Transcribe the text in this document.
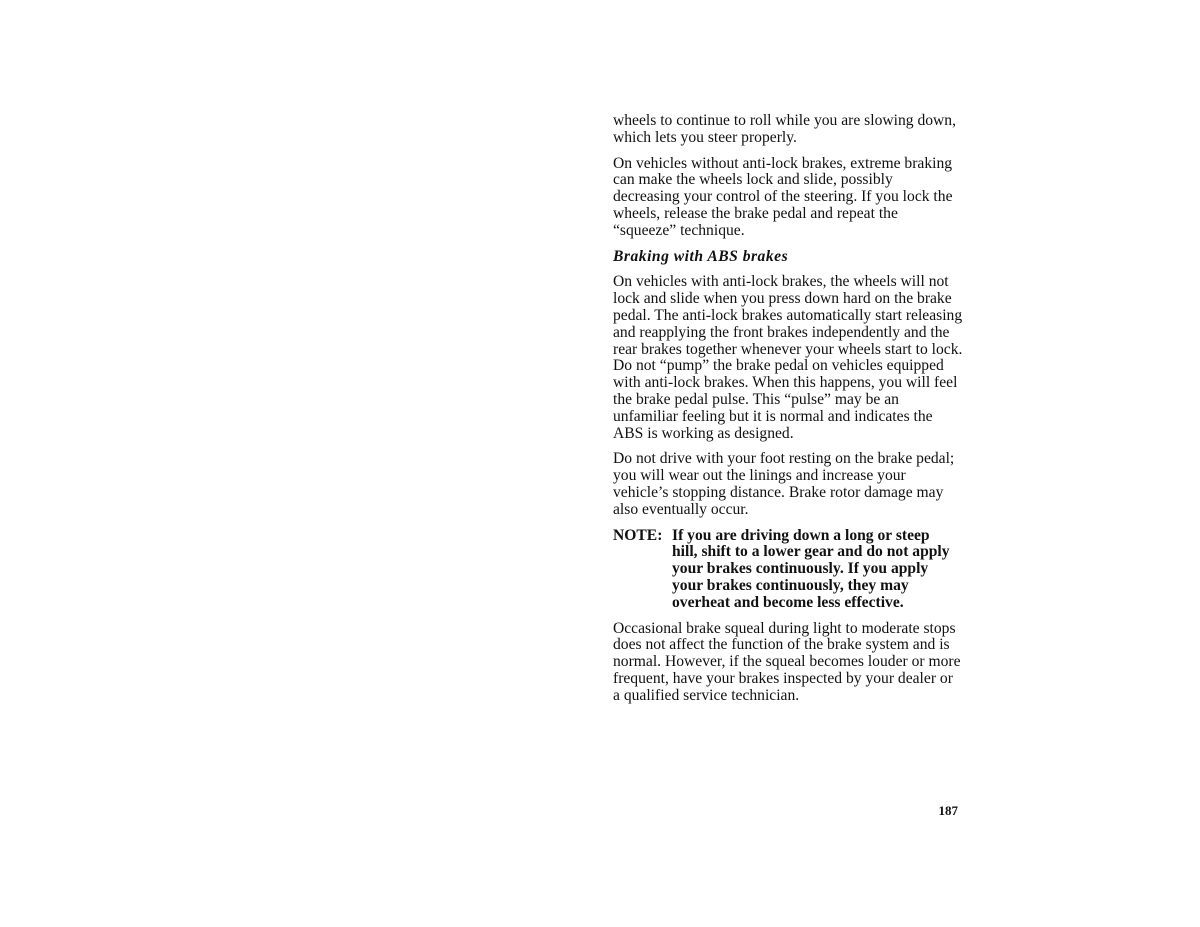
wheels to continue to roll while you are slowing down, which lets you steer properly.

On vehicles without anti-lock brakes, extreme braking can make the wheels lock and slide, possibly decreasing your control of the steering. If you lock the wheels, release the brake pedal and repeat the “squeeze” technique.

Braking with ABS brakes

On vehicles with anti-lock brakes, the wheels will not lock and slide when you press down hard on the brake pedal. The anti-lock brakes automatically start releasing and reapplying the front brakes independently and the rear brakes together whenever your wheels start to lock. Do not “pump” the brake pedal on vehicles equipped with anti-lock brakes. When this happens, you will feel the brake pedal pulse. This “pulse” may be an unfamiliar feeling but it is normal and indicates the ABS is working as designed.

Do not drive with your foot resting on the brake pedal; you will wear out the linings and increase your vehicle’s stopping distance. Brake rotor damage may also eventually occur.

NOTE: If you are driving down a long or steep hill, shift to a lower gear and do not apply your brakes continuously. If you apply your brakes continuously, they may overheat and become less effective.

Occasional brake squeal during light to moderate stops does not affect the function of the brake system and is normal. However, if the squeal becomes louder or more frequent, have your brakes inspected by your dealer or a qualified service technician.

187
